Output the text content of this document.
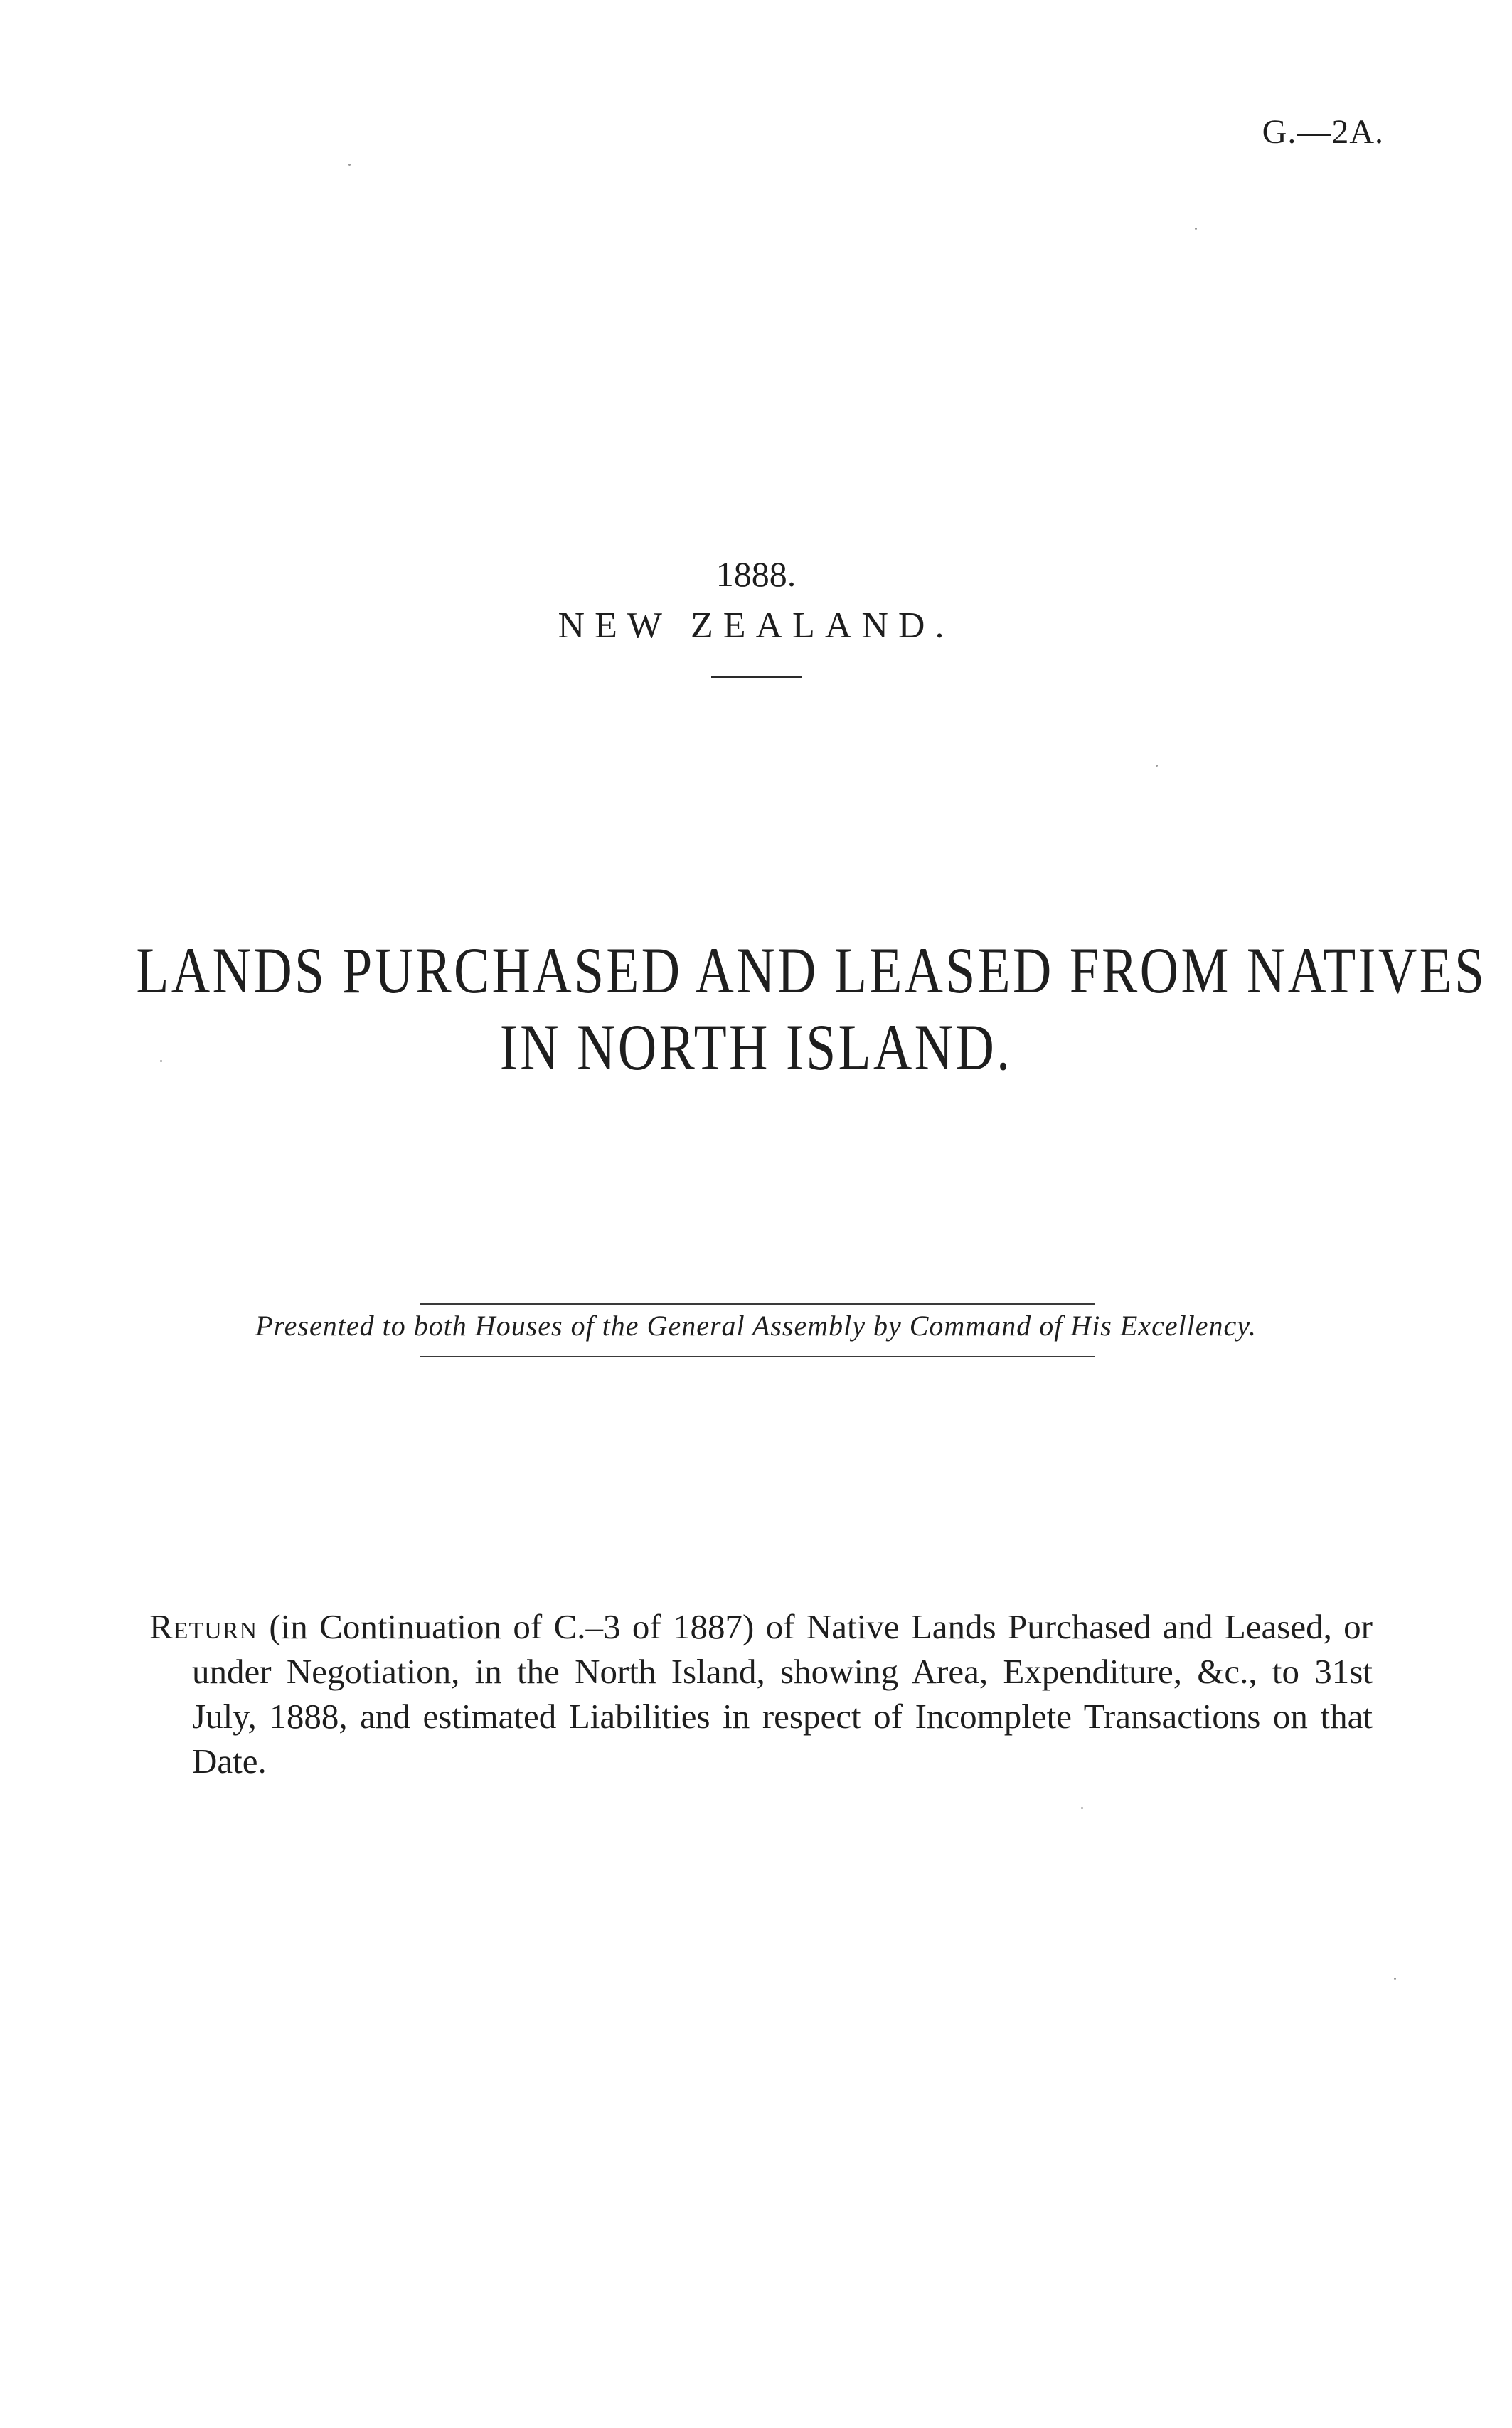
G.—2A.
1888.
NEW ZEALAND.
LANDS PURCHASED AND LEASED FROM NATIVES
IN NORTH ISLAND.
Presented to both Houses of the General Assembly by Command of His Excellency.

Return (in Continuation of C.–3 of 1887) of Native Lands Purchased and Leased, or under Negotiation, in the North Island, showing Area, Expenditure, &c., to 31st July, 1888, and estimated Liabilities in respect of Incomplete Transactions on that Date.
